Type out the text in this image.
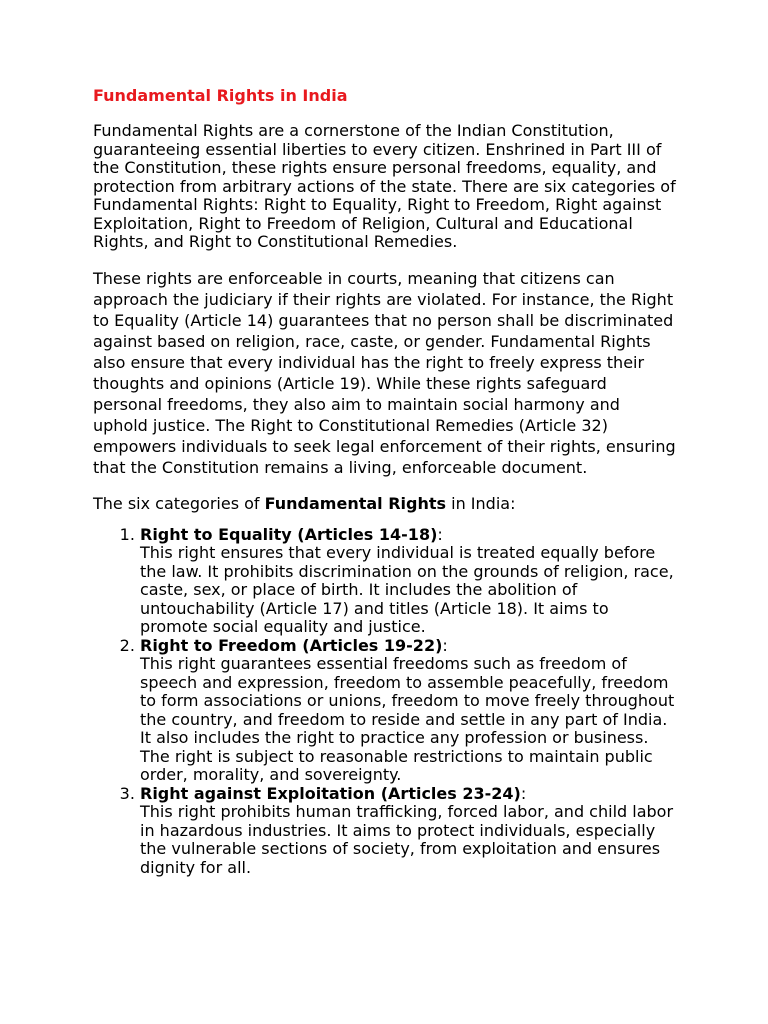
Fundamental Rights in India

Fundamental Rights are a cornerstone of the Indian Constitution, guaranteeing essential liberties to every citizen. Enshrined in Part III of the Constitution, these rights ensure personal freedoms, equality, and protection from arbitrary actions of the state. There are six categories of Fundamental Rights: Right to Equality, Right to Freedom, Right against Exploitation, Right to Freedom of Religion, Cultural and Educational Rights, and Right to Constitutional Remedies.

These rights are enforceable in courts, meaning that citizens can approach the judiciary if their rights are violated. For instance, the Right to Equality (Article 14) guarantees that no person shall be discriminated against based on religion, race, caste, or gender. Fundamental Rights also ensure that every individual has the right to freely express their thoughts and opinions (Article 19). While these rights safeguard personal freedoms, they also aim to maintain social harmony and uphold justice. The Right to Constitutional Remedies (Article 32) empowers individuals to seek legal enforcement of their rights, ensuring that the Constitution remains a living, enforceable document.

The six categories of Fundamental Rights in India:

1. Right to Equality (Articles 14-18):
This right ensures that every individual is treated equally before the law. It prohibits discrimination on the grounds of religion, race, caste, sex, or place of birth. It includes the abolition of untouchability (Article 17) and titles (Article 18). It aims to promote social equality and justice.
2. Right to Freedom (Articles 19-22):
This right guarantees essential freedoms such as freedom of speech and expression, freedom to assemble peacefully, freedom to form associations or unions, freedom to move freely throughout the country, and freedom to reside and settle in any part of India. It also includes the right to practice any profession or business. The right is subject to reasonable restrictions to maintain public order, morality, and sovereignty.
3. Right against Exploitation (Articles 23-24):
This right prohibits human trafficking, forced labor, and child labor in hazardous industries. It aims to protect individuals, especially the vulnerable sections of society, from exploitation and ensures dignity for all.
